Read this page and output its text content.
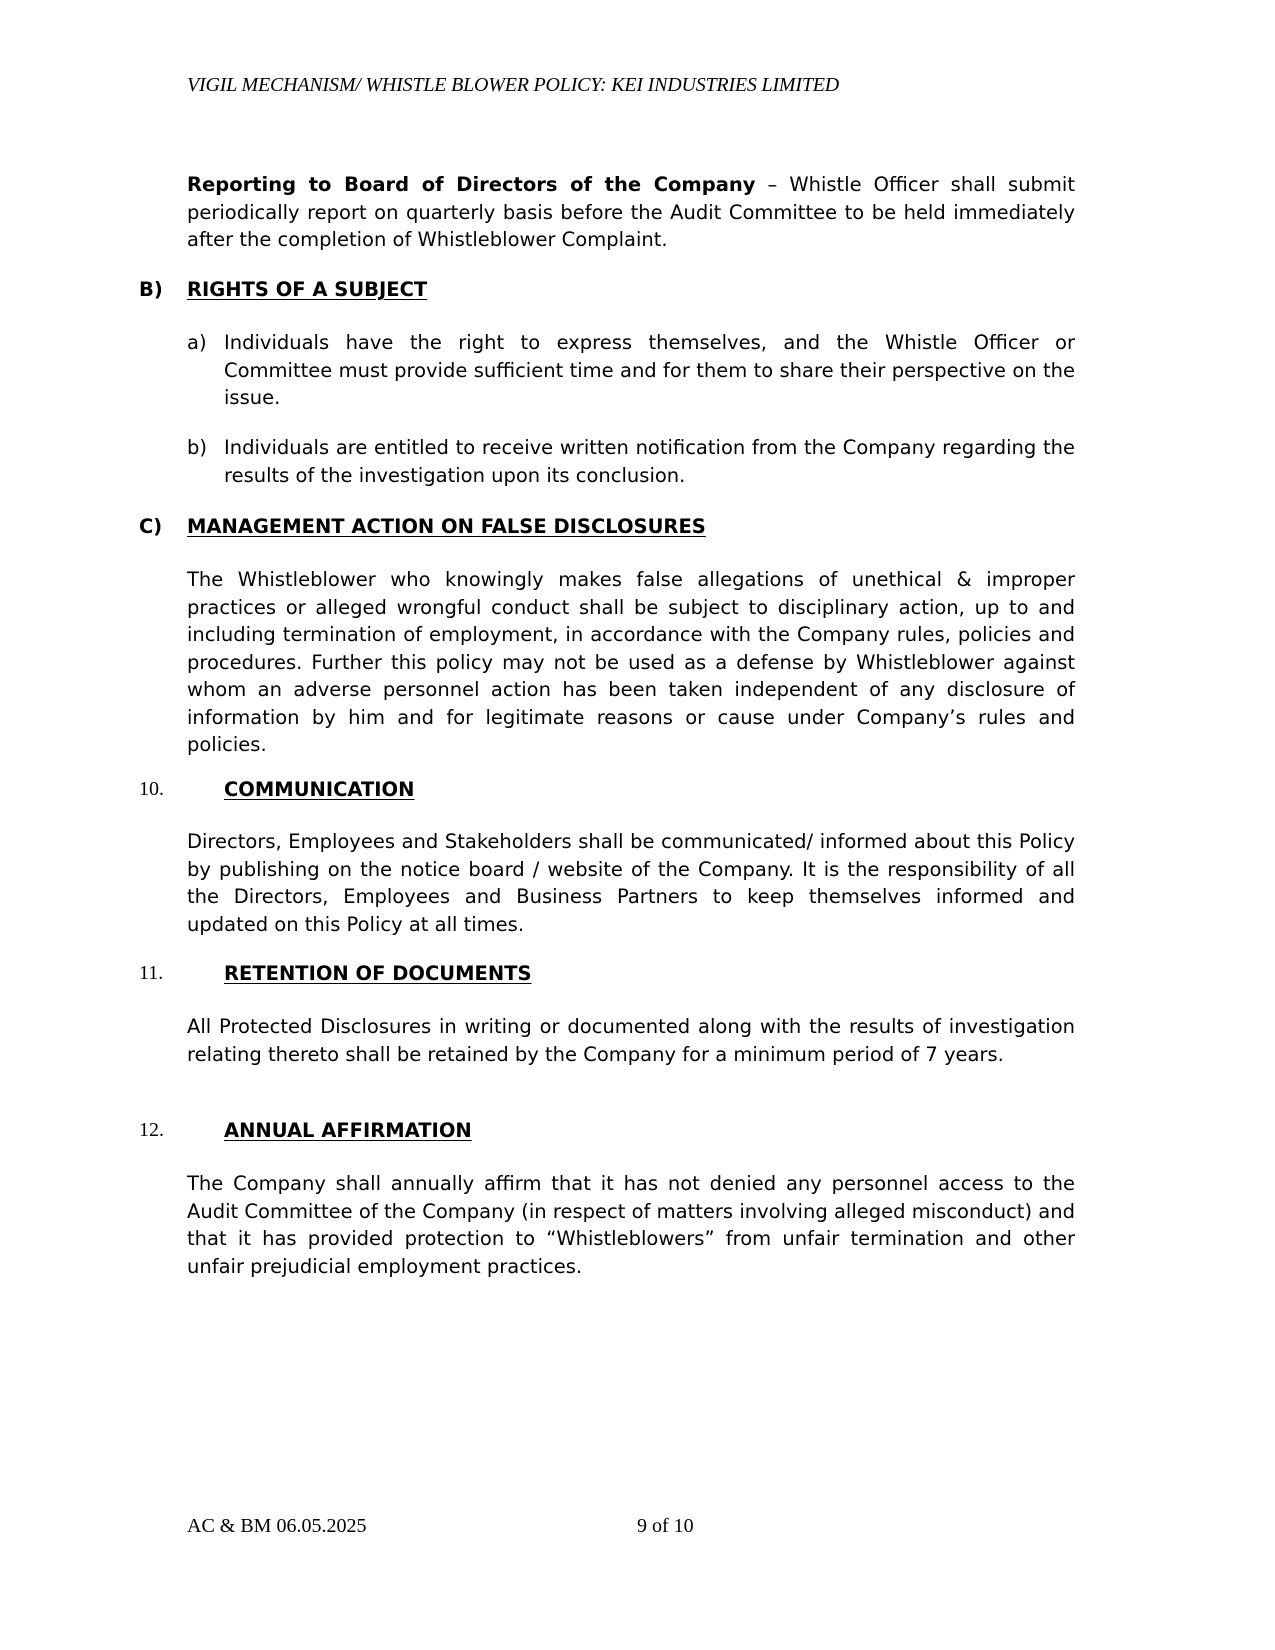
VIGIL MECHANISM/ WHISTLE BLOWER POLICY: KEI INDUSTRIES LIMITED
Reporting to Board of Directors of the Company – Whistle Officer shall submit periodically report on quarterly basis before the Audit Committee to be held immediately after the completion of Whistleblower Complaint.
B) RIGHTS OF A SUBJECT
a) Individuals have the right to express themselves, and the Whistle Officer or Committee must provide sufficient time and for them to share their perspective on the issue.
b) Individuals are entitled to receive written notification from the Company regarding the results of the investigation upon its conclusion.
C) MANAGEMENT ACTION ON FALSE DISCLOSURES
The Whistleblower who knowingly makes false allegations of unethical & improper practices or alleged wrongful conduct shall be subject to disciplinary action, up to and including termination of employment, in accordance with the Company rules, policies and procedures. Further this policy may not be used as a defense by Whistleblower against whom an adverse personnel action has been taken independent of any disclosure of information by him and for legitimate reasons or cause under Company’s rules and policies.
10.	COMMUNICATION
Directors, Employees and Stakeholders shall be communicated/ informed about this Policy by publishing on the notice board / website of the Company. It is the responsibility of all the Directors, Employees and Business Partners to keep themselves informed and updated on this Policy at all times.
11.	RETENTION OF DOCUMENTS
All Protected Disclosures in writing or documented along with the results of investigation relating thereto shall be retained by the Company for a minimum period of 7 years.
12.	ANNUAL AFFIRMATION
The Company shall annually affirm that it has not denied any personnel access to the Audit Committee of the Company (in respect of matters involving alleged misconduct) and that it has provided protection to “Whistleblowers” from unfair termination and other unfair prejudicial employment practices.
AC & BM 06.05.2025	9 of 10
